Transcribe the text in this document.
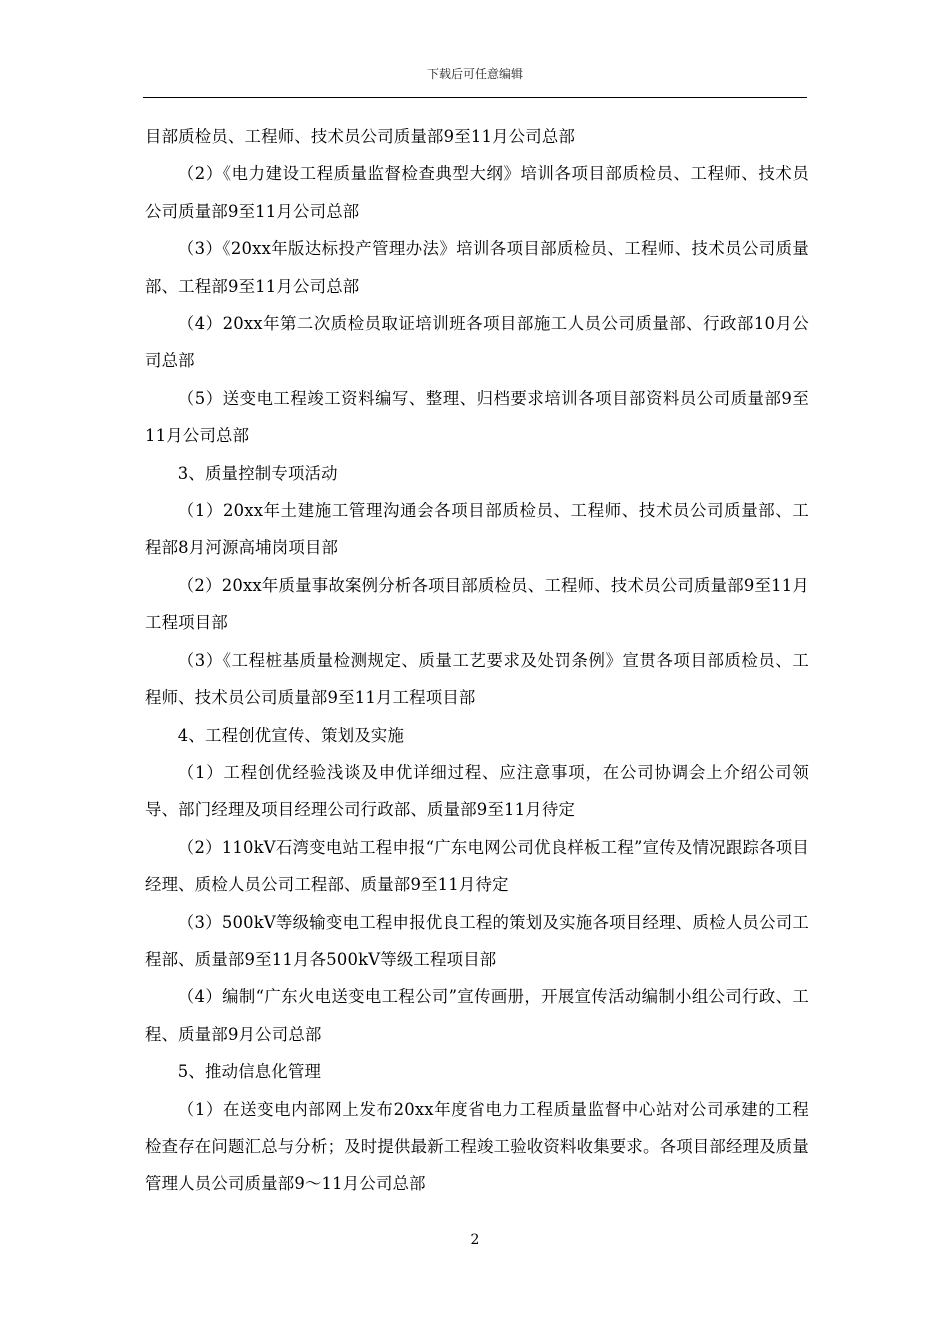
下载后可任意编辑

目部质检员、工程师、技术员公司质量部9至11月公司总部

（2）《电力建设工程质量监督检查典型大纲》培训各项目部质检员、工程师、技术员公司质量部9至11月公司总部

（3）《20xx年版达标投产管理办法》培训各项目部质检员、工程师、技术员公司质量部、工程部9至11月公司总部

（4）20xx年第二次质检员取证培训班各项目部施工人员公司质量部、行政部10月公司总部

（5）送变电工程竣工资料编写、整理、归档要求培训各项目部资料员公司质量部9至11月公司总部

3、质量控制专项活动

（1）20xx年土建施工管理沟通会各项目部质检员、工程师、技术员公司质量部、工程部8月河源高埔岗项目部

（2）20xx年质量事故案例分析各项目部质检员、工程师、技术员公司质量部9至11月工程项目部

（3）《工程桩基质量检测规定、质量工艺要求及处罚条例》宣贯各项目部质检员、工程师、技术员公司质量部9至11月工程项目部

4、工程创优宣传、策划及实施

（1）工程创优经验浅谈及申优详细过程、应注意事项，在公司协调会上介绍公司领导、部门经理及项目经理公司行政部、质量部9至11月待定

（2）110kV石湾变电站工程申报“广东电网公司优良样板工程”宣传及情况跟踪各项目经理、质检人员公司工程部、质量部9至11月待定

（3）500kV等级输变电工程申报优良工程的策划及实施各项目经理、质检人员公司工程部、质量部9至11月各500kV等级工程项目部

（4）编制“广东火电送变电工程公司”宣传画册，开展宣传活动编制小组公司行政、工程、质量部9月公司总部

5、推动信息化管理

（1）在送变电内部网上发布20xx年度省电力工程质量监督中心站对公司承建的工程检查存在问题汇总与分析；及时提供最新工程竣工验收资料收集要求。各项目部经理及质量管理人员公司质量部9～11月公司总部

2
